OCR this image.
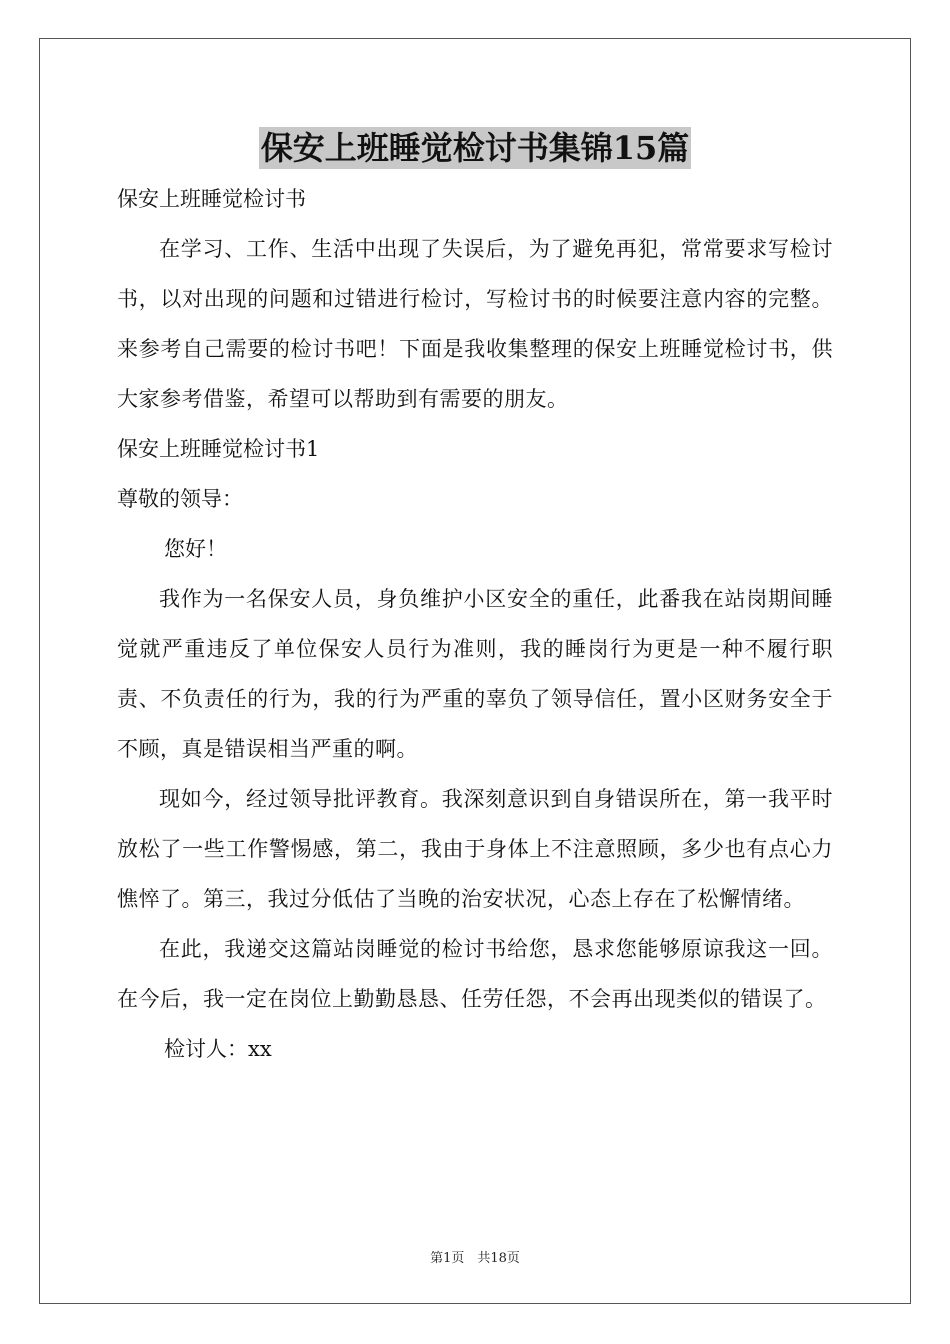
保安上班睡觉检讨书集锦15篇
保安上班睡觉检讨书
在学习、工作、生活中出现了失误后，为了避免再犯，常常要求写检讨书，以对出现的问题和过错进行检讨，写检讨书的时候要注意内容的完整。来参考自己需要的检讨书吧！下面是我收集整理的保安上班睡觉检讨书，供大家参考借鉴，希望可以帮助到有需要的朋友。
保安上班睡觉检讨书1
尊敬的领导：
您好！
我作为一名保安人员，身负维护小区安全的重任，此番我在站岗期间睡觉就严重违反了单位保安人员行为准则，我的睡岗行为更是一种不履行职责、不负责任的行为，我的行为严重的辜负了领导信任，置小区财务安全于不顾，真是错误相当严重的啊。
现如今，经过领导批评教育。我深刻意识到自身错误所在，第一我平时放松了一些工作警惕感，第二，我由于身体上不注意照顾，多少也有点心力憔悴了。第三，我过分低估了当晚的治安状况，心态上存在了松懈情绪。
在此，我递交这篇站岗睡觉的检讨书给您，恳求您能够原谅我这一回。在今后，我一定在岗位上勤勤恳恳、任劳任怨，不会再出现类似的错误了。
检讨人：xx
第1页　共18页
